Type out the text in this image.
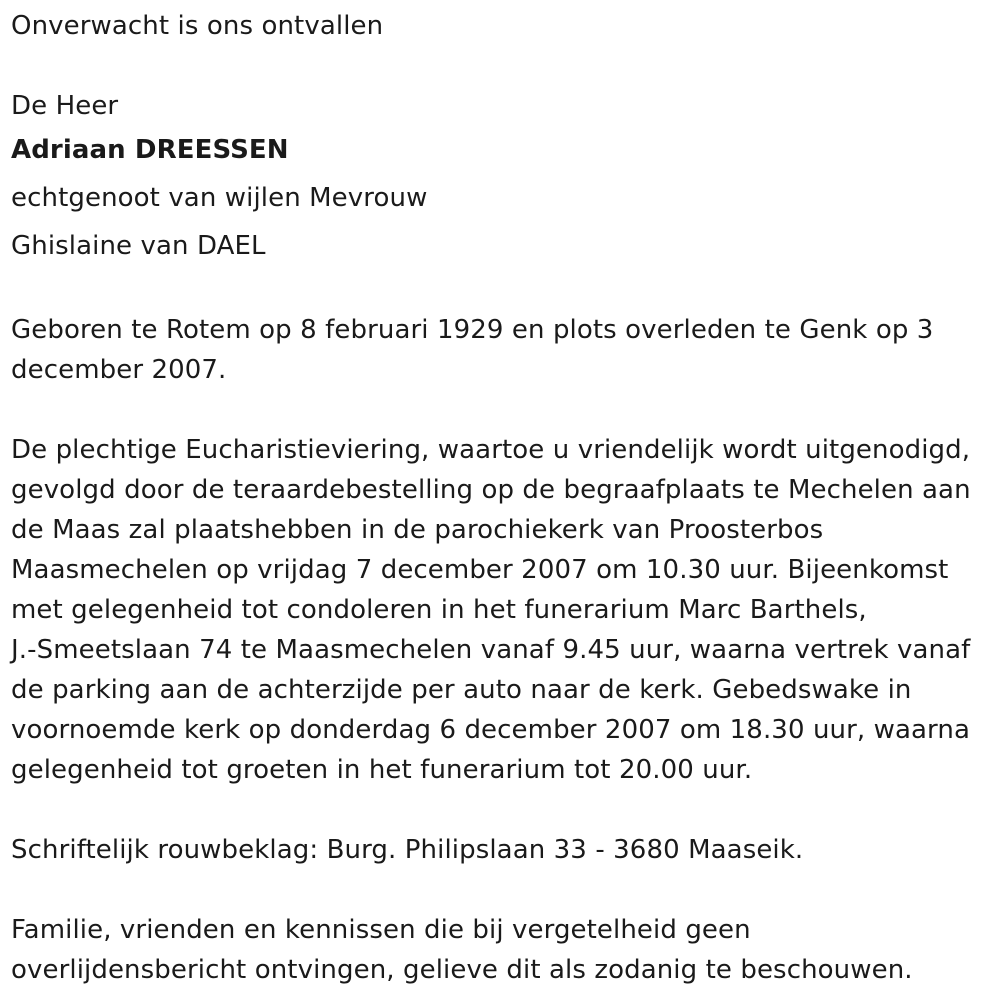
Onverwacht is ons ontvallen
De Heer
Adriaan DREESSEN
echtgenoot van wijlen Mevrouw
Ghislaine van DAEL
Geboren te Rotem op 8 februari 1929 en plots overleden te Genk op 3
december 2007.
De plechtige Eucharistieviering, waartoe u vriendelijk wordt uitgenodigd,
gevolgd door de teraardebestelling op de begraafplaats te Mechelen aan
de Maas zal plaatshebben in de parochiekerk van Proosterbos
Maasmechelen op vrijdag 7 december 2007 om 10.30 uur. Bijeenkomst
met gelegenheid tot condoleren in het funerarium Marc Barthels,
J.-Smeetslaan 74 te Maasmechelen vanaf 9.45 uur, waarna vertrek vanaf
de parking aan de achterzijde per auto naar de kerk. Gebedswake in
voornoemde kerk op donderdag 6 december 2007 om 18.30 uur, waarna
gelegenheid tot groeten in het funerarium tot 20.00 uur.
Schriftelijk rouwbeklag: Burg. Philipslaan 33 - 3680 Maaseik.
Familie, vrienden en kennissen die bij vergetelheid geen
overlijdensbericht ontvingen, gelieve dit als zodanig te beschouwen.
